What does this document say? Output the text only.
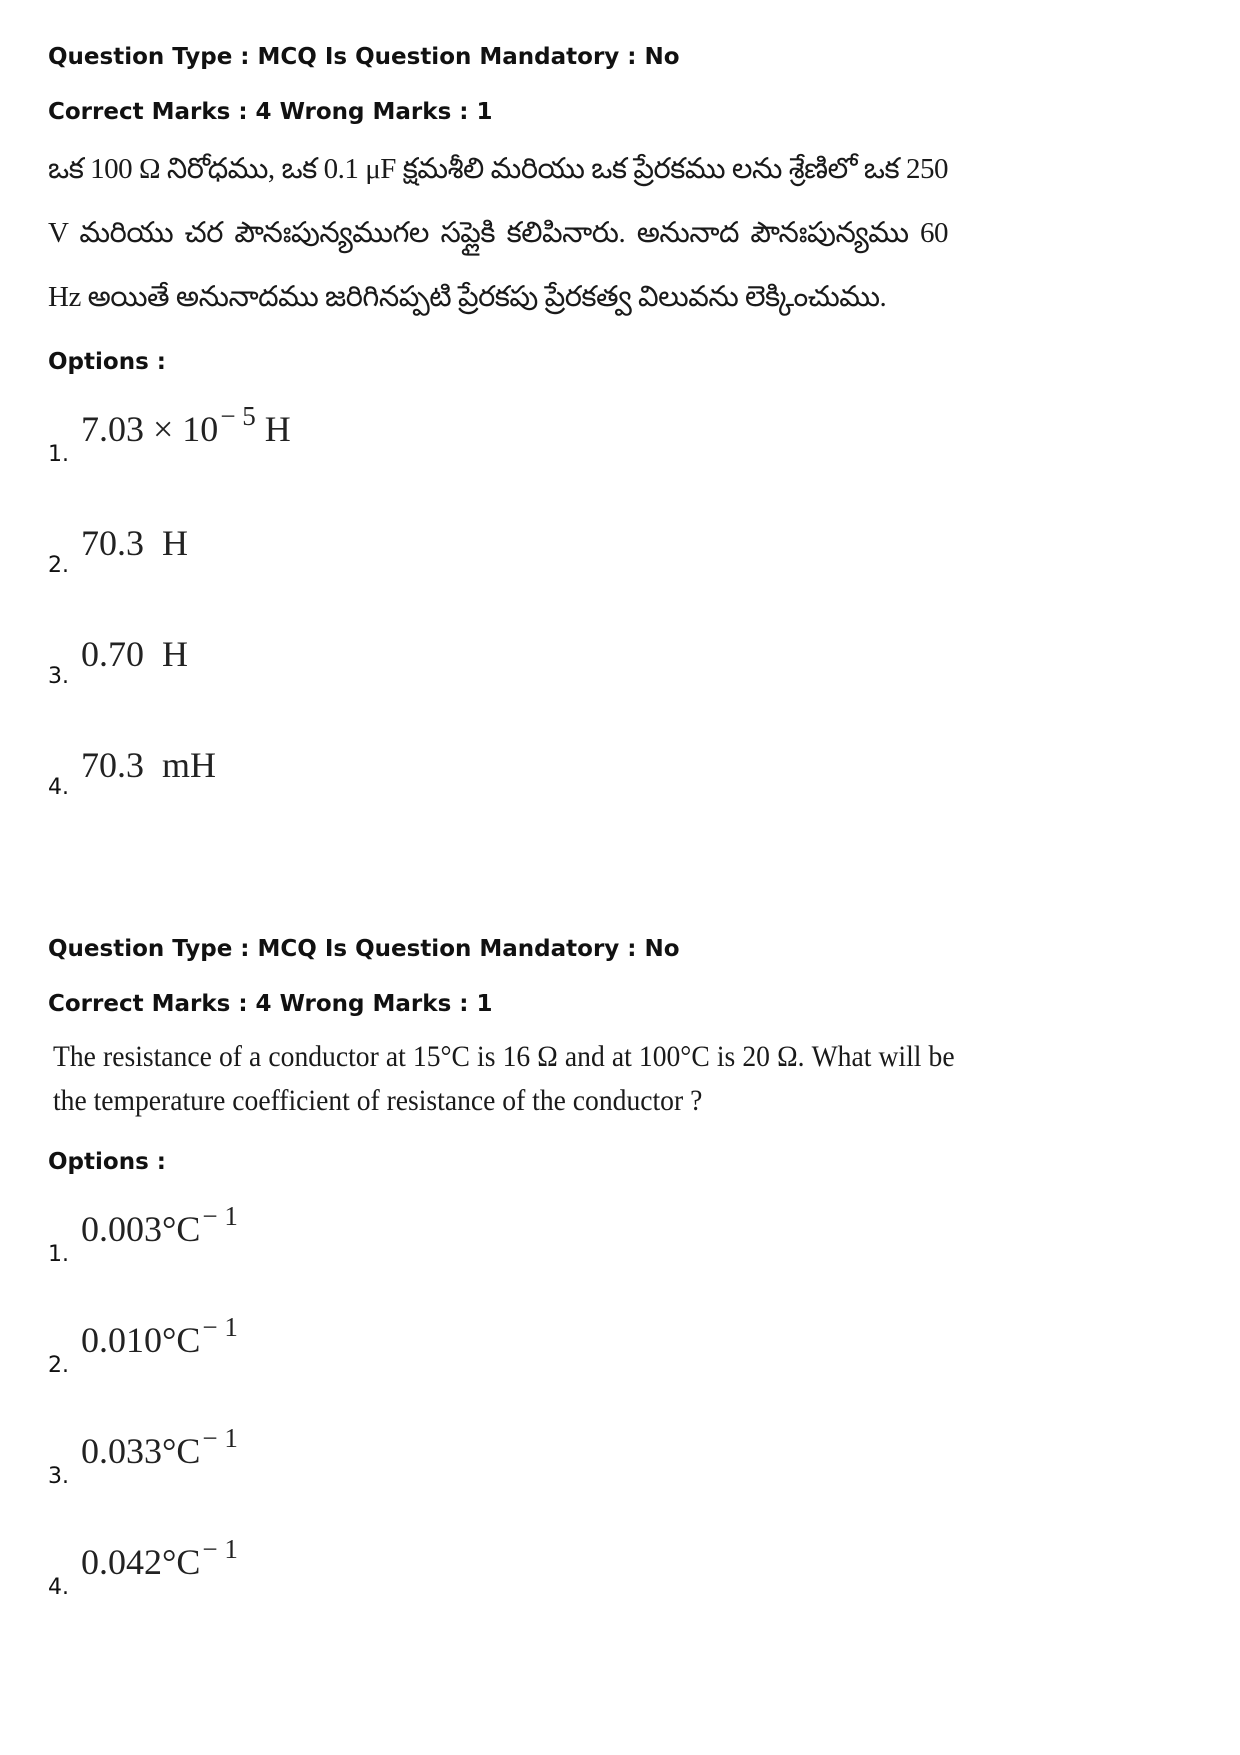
Question Type : MCQ Is Question Mandatory : No

Correct Marks : 4 Wrong Marks : 1

ఒక 100 Ω నిరోధము, ఒక 0.1 μF క్షమశీలి మరియు ఒక ప్రేరకము లను శ్రేణిలో ఒక 250 V మరియు చర పౌనఃపున్యముగల సప్లైకి కలిపినారు. అనునాద పౌనఃపున్యము 60 Hz అయితే అనునాదము జరిగినప్పటి ప్రేరకపు ప్రేరకత్వ విలువను లెక్కించుము.

Options :

1.
$7.03 \times 10^{- 5}$ H
2.
70.3  H
3.
0.70  H
4.
70.3  mH

Question Type : MCQ Is Question Mandatory : No

Correct Marks : 4 Wrong Marks : 1

The resistance of a conductor at 15°C is 16 Ω and at 100°C is 20 Ω. What will be the temperature coefficient of resistance of the conductor ?

Options :

1.
$0.003^\circ C^{- 1}$
2.
$0.010^\circ C^{- 1}$
3.
$0.033^\circ C^{- 1}$
4.
$0.042^\circ C^{- 1}$
